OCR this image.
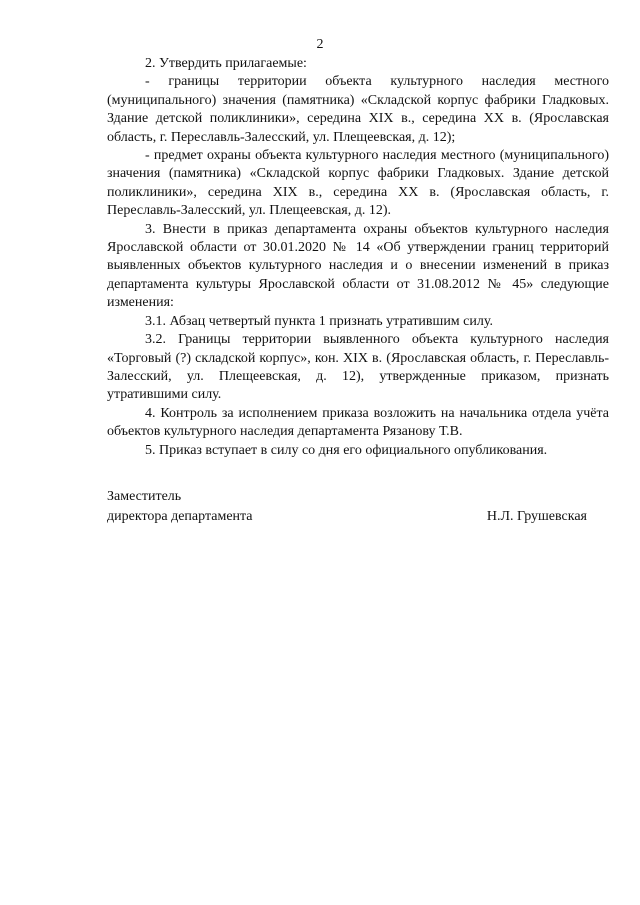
2

2. Утвердить прилагаемые:

- границы территории объекта культурного наследия местного (муниципального) значения (памятника) «Складской корпус фабрики Гладковых. Здание детской поликлиники», середина XIX в., середина XX в. (Ярославская область, г. Переславль-Залесский, ул. Плещеевская, д. 12);

- предмет охраны объекта культурного наследия местного (муниципального) значения (памятника) «Складской корпус фабрики Гладковых. Здание детской поликлиники», середина XIX в., середина XX в. (Ярославская область, г. Переславль-Залесский, ул. Плещеевская, д. 12).

3. Внести в приказ департамента охраны объектов культурного наследия Ярославской области от 30.01.2020 № 14 «Об утверждении границ территорий выявленных объектов культурного наследия и о внесении изменений в приказ департамента культуры Ярославской области от 31.08.2012 № 45» следующие изменения:

3.1. Абзац четвертый пункта 1 признать утратившим силу.

3.2. Границы территории выявленного объекта культурного наследия «Торговый (?) складской корпус», кон. XIX в. (Ярославская область, г. Переславль-Залесский, ул. Плещеевская, д. 12), утвержденные приказом, признать утратившими силу.

4. Контроль за исполнением приказа возложить на начальника отдела учёта объектов культурного наследия департамента Рязанову Т.В.

5. Приказ вступает в силу со дня его официального опубликования.

Заместитель
директора департамента	Н.Л. Грушевская
